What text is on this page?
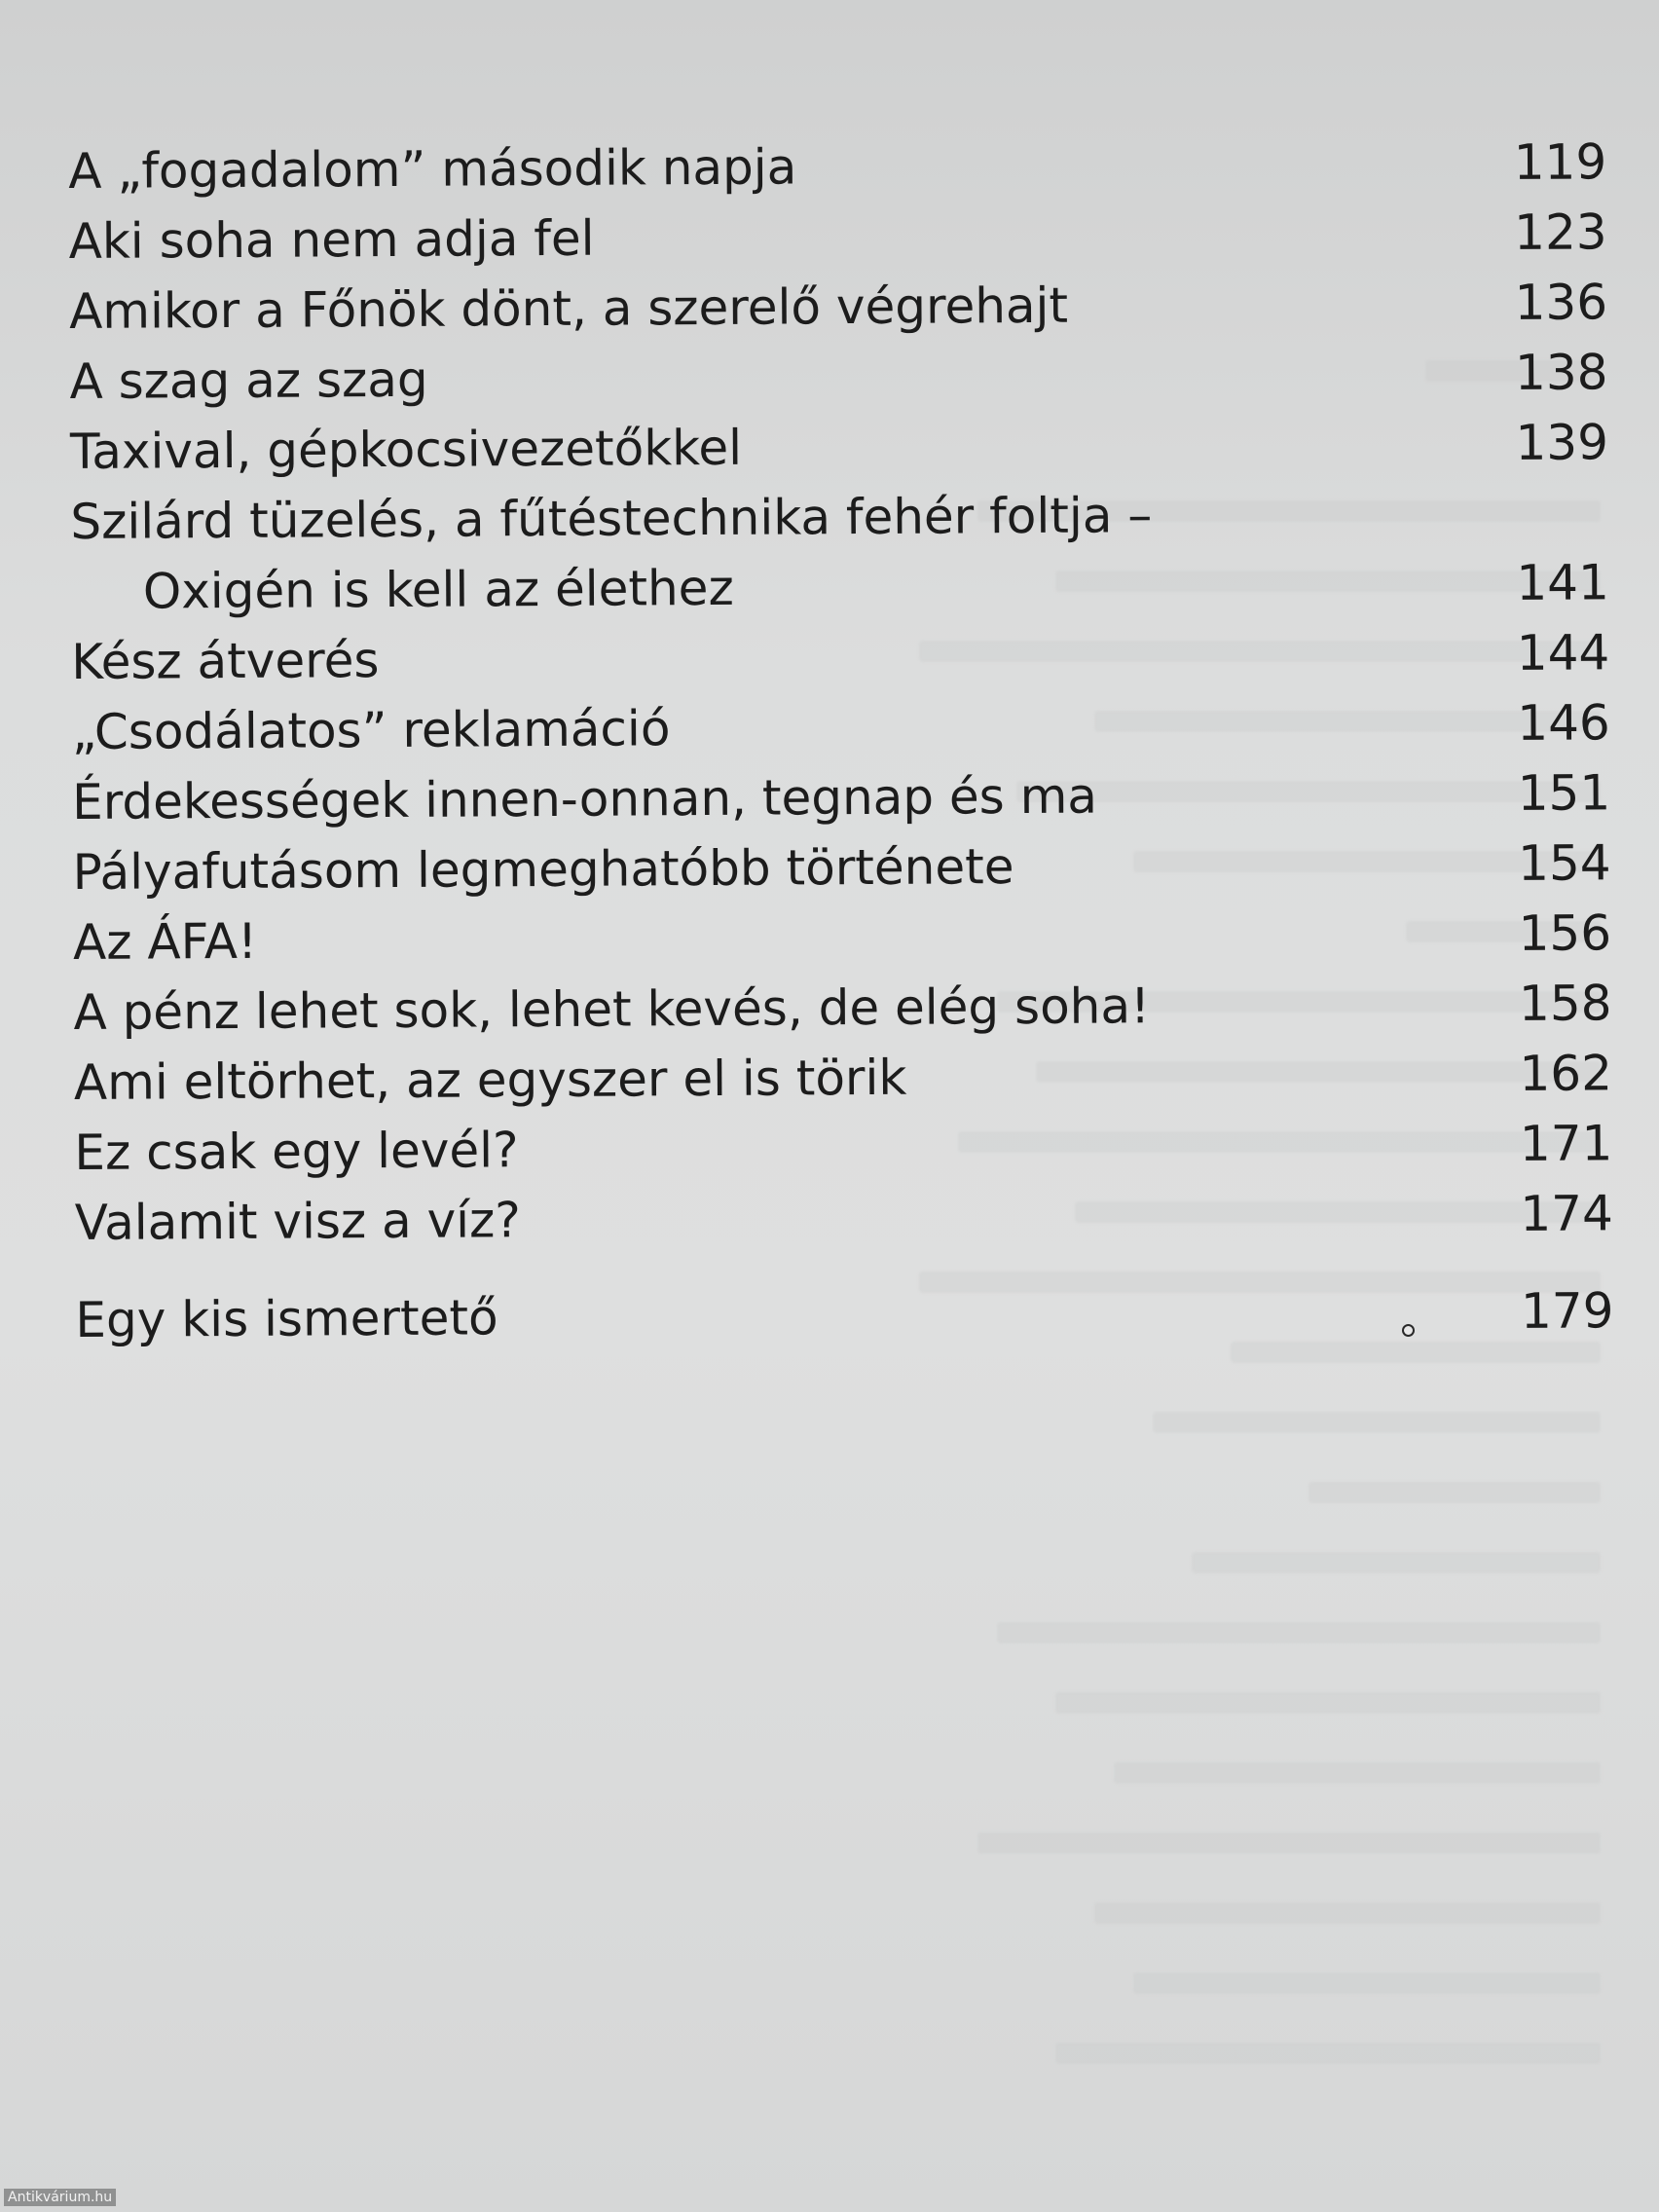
A „fogadalom” második napja	119
Aki soha nem adja fel	123
Amikor a Főnök dönt, a szerelő végrehajt	136
A szag az szag	138
Taxival, gépkocsivezetőkkel	139
Szilárd tüzelés, a fűtéstechnika fehér foltja –
Oxigén is kell az élethez	141
Kész átverés	144
„Csodálatos” reklamáció	146
Érdekességek innen-onnan, tegnap és ma	151
Pályafutásom legmeghatóbb története	154
Az ÁFA!	156
A pénz lehet sok, lehet kevés, de elég soha!	158
Ami eltörhet, az egyszer el is törik	162
Ez csak egy levél?	171
Valamit visz a víz?	174
Egy kis ismertető	179
Antikvárium.hu
